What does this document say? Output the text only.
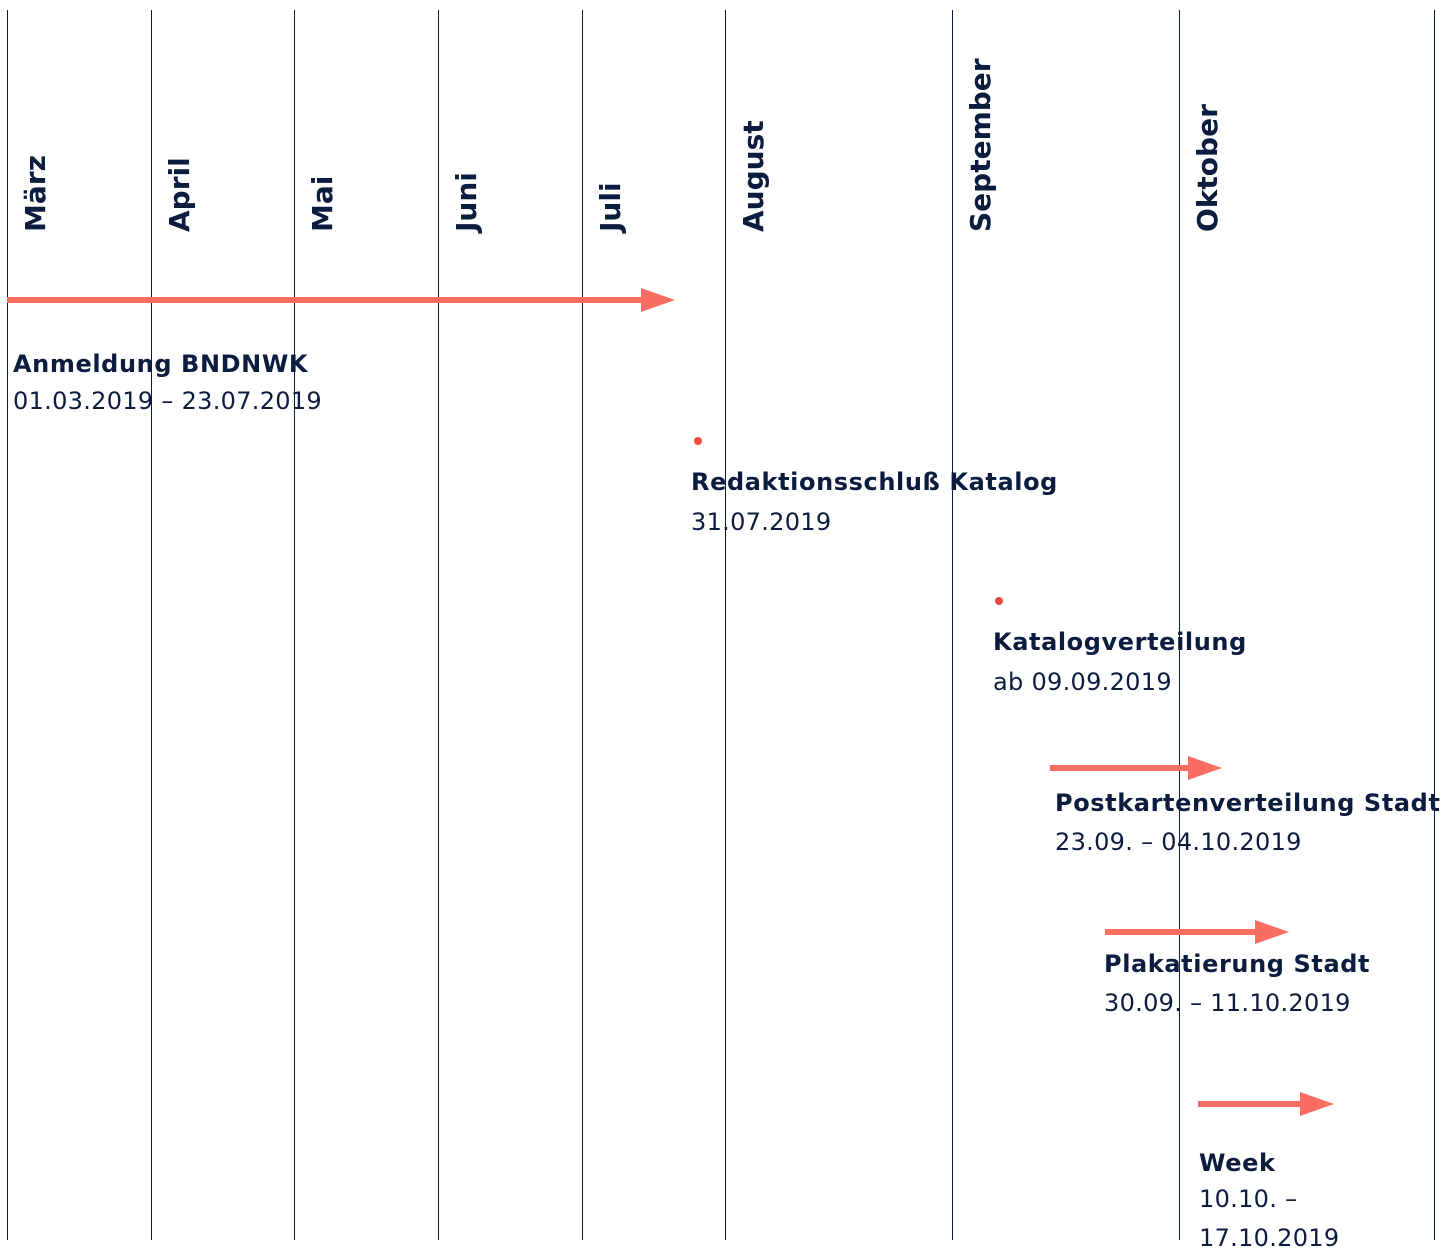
März	April	Mai	Juni	Juli	August	September	Oktober
Anmeldung BNDNWK
01.03.2019 – 23.07.2019
Redaktionsschluß Katalog
31.07.2019
Katalogverteilung
ab 09.09.2019
Postkartenverteilung Stadt
23.09. – 04.10.2019
Plakatierung Stadt
30.09. – 11.10.2019
Week
10.10. –
17.10.2019
